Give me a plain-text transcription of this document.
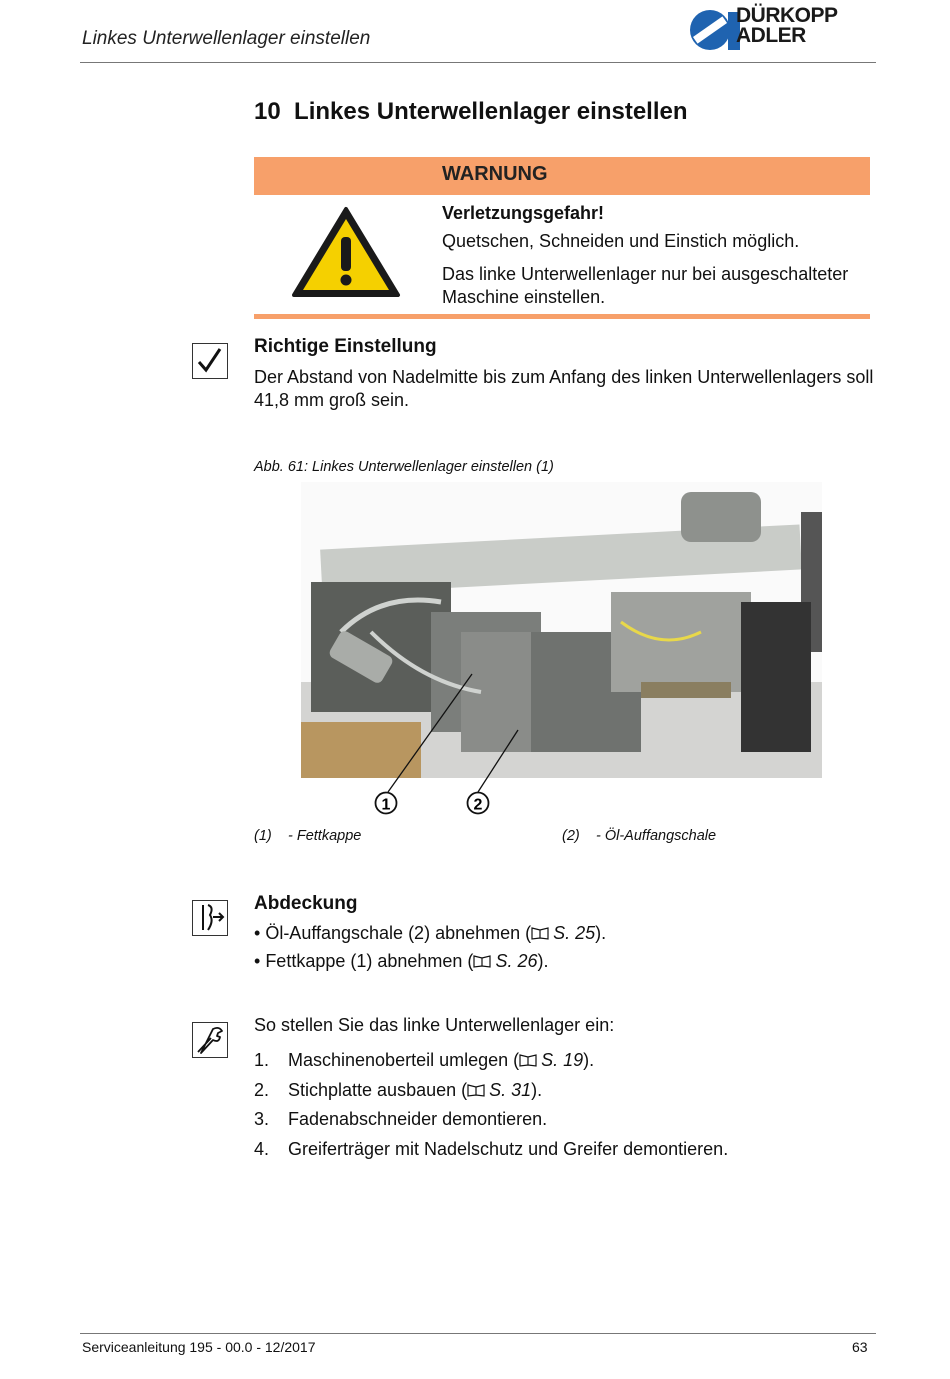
Linkes Unterwellenlager einstellen
DÜRKOPP
ADLER
10 Linkes Unterwellenlager einstellen
WARNUNG
Verletzungsgefahr!
Quetschen, Schneiden und Einstich möglich.
Das linke Unterwellenlager nur bei ausgeschalteter Maschine einstellen.
Richtige Einstellung
Der Abstand von Nadelmitte bis zum Anfang des linken Unterwellenlagers soll 41,8 mm groß sein.
Abb. 61: Linkes Unterwellenlager einstellen (1)
1	2
(1) - Fettkappe	(2) - Öl-Auffangschale
Abdeckung
• Öl-Auffangschale (2) abnehmen ( S. 25).
• Fettkappe (1) abnehmen ( S. 26).
So stellen Sie das linke Unterwellenlager ein:
1. Maschinenoberteil umlegen ( S. 19).
2. Stichplatte ausbauen ( S. 31).
3. Fadenabschneider demontieren.
4. Greiferträger mit Nadelschutz und Greifer demontieren.
Serviceanleitung 195 - 00.0 - 12/2017	63
